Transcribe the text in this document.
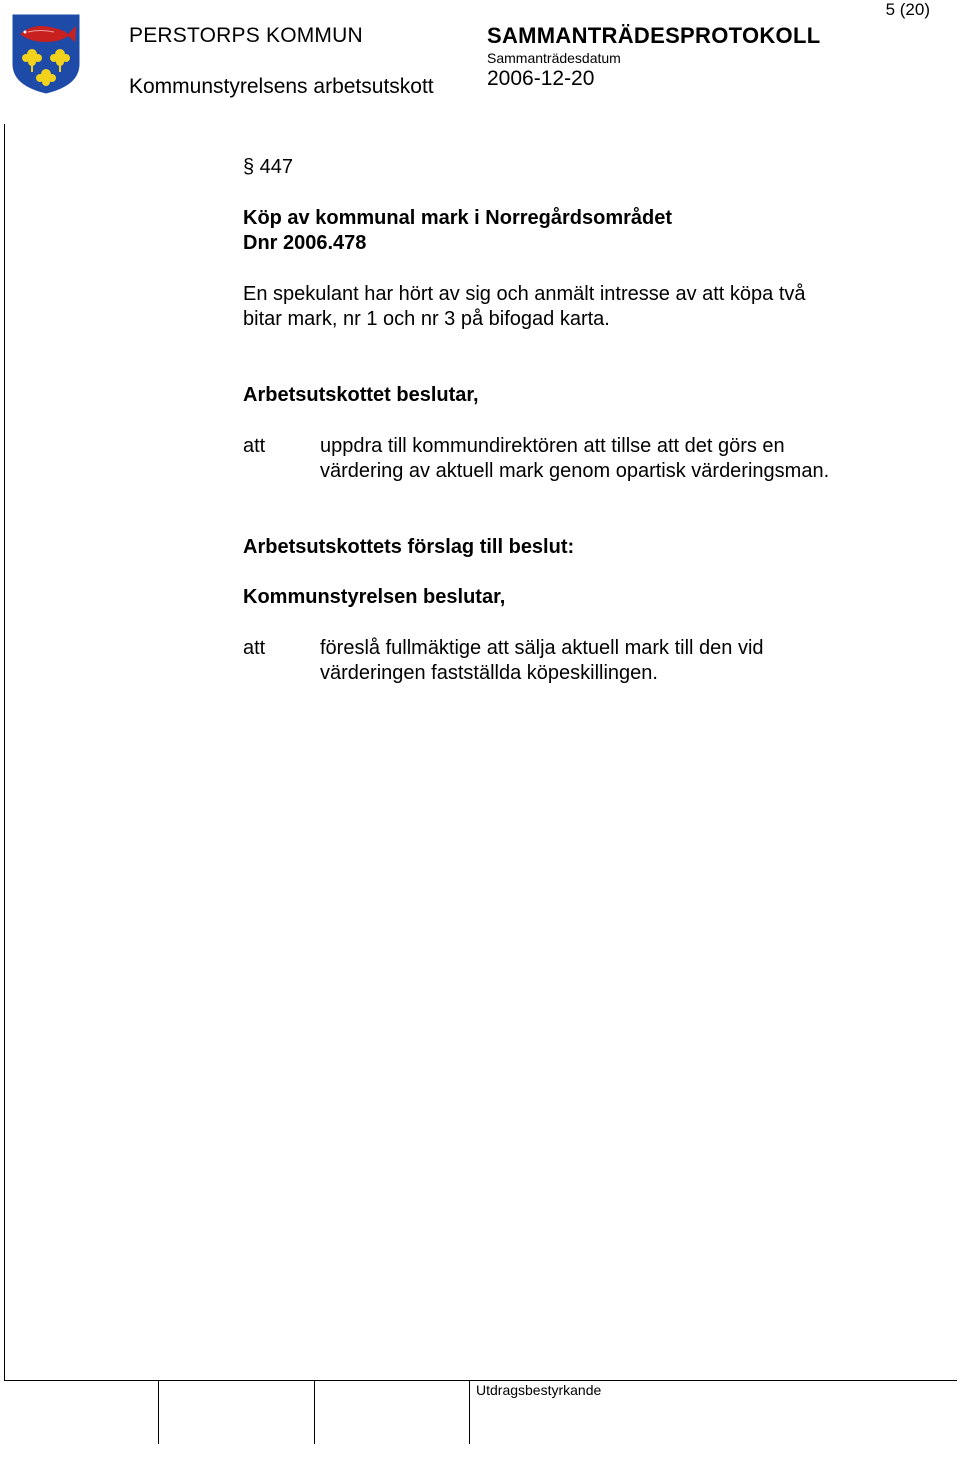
PERSTORPS KOMMUN
Kommunstyrelsens arbetsutskott
SAMMANTRÄDESPROTOKOLL
Sammanträdesdatum
2006-12-20
5 (20)
§ 447
Köp av kommunal mark i Norregårdsområdet
Dnr 2006.478
En spekulant har hört av sig och anmält intresse av att köpa två
bitar mark, nr 1 och nr 3 på bifogad karta.
Arbetsutskottet beslutar,
att	uppdra till kommundirektören att tillse att det görs en
värdering av aktuell mark genom opartisk värderingsman.
Arbetsutskottets förslag till beslut:
Kommunstyrelsen beslutar,
att	föreslå fullmäktige att sälja aktuell mark till den vid
värderingen fastställda köpeskillingen.
Utdragsbestyrkande
